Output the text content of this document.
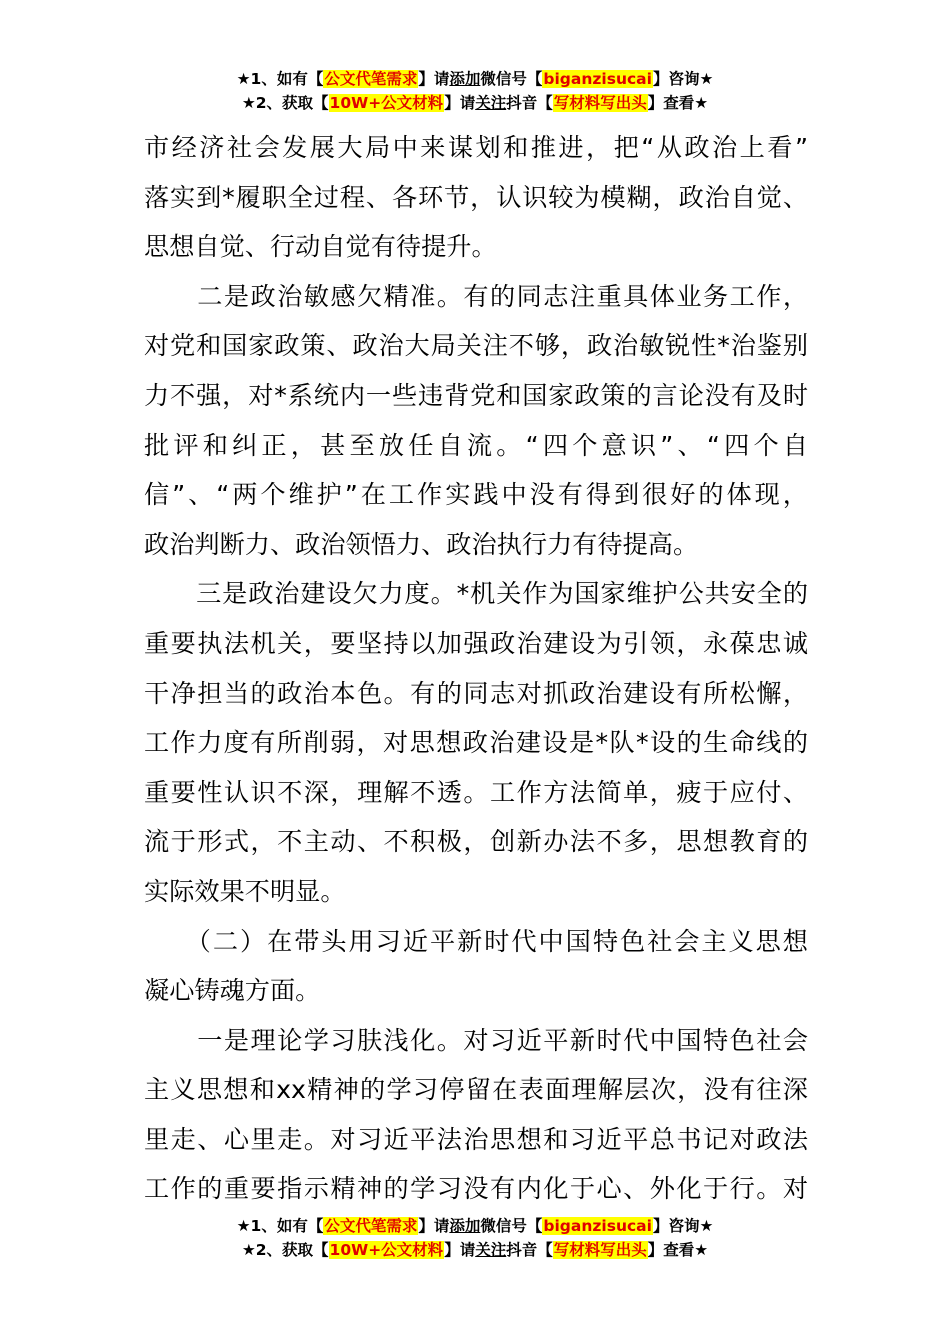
★1、如有【公文代笔需求】请添加微信号【biganzisucai】咨询★
★2、获取【10W+公文材料】请关注抖音【写材料写出头】查看★
市经济社会发展大局中来谋划和推进，把“从政治上看”
落实到*履职全过程、各环节，认识较为模糊，政治自觉、
思想自觉、行动自觉有待提升。
　　二是政治敏感欠精准。有的同志注重具体业务工作，
对党和国家政策、政治大局关注不够，政治敏锐性*治鉴别
力不强，对*系统内一些违背党和国家政策的言论没有及时
批评和纠正，甚至放任自流。“四个意识”、“四个自
信”、“两个维护”在工作实践中没有得到很好的体现，
政治判断力、政治领悟力、政治执行力有待提高。
　　三是政治建设欠力度。*机关作为国家维护公共安全的
重要执法机关，要坚持以加强政治建设为引领，永葆忠诚
干净担当的政治本色。有的同志对抓政治建设有所松懈，
工作力度有所削弱，对思想政治建设是*队*设的生命线的
重要性认识不深，理解不透。工作方法简单，疲于应付、
流于形式，不主动、不积极，创新办法不多，思想教育的
实际效果不明显。
　　（二）在带头用习近平新时代中国特色社会主义思想
凝心铸魂方面。
　　一是理论学习肤浅化。对习近平新时代中国特色社会
主义思想和xx精神的学习停留在表面理解层次，没有往深
里走、心里走。对习近平法治思想和习近平总书记对政法
工作的重要指示精神的学习没有内化于心、外化于行。对
★1、如有【公文代笔需求】请添加微信号【biganzisucai】咨询★
★2、获取【10W+公文材料】请关注抖音【写材料写出头】查看★
